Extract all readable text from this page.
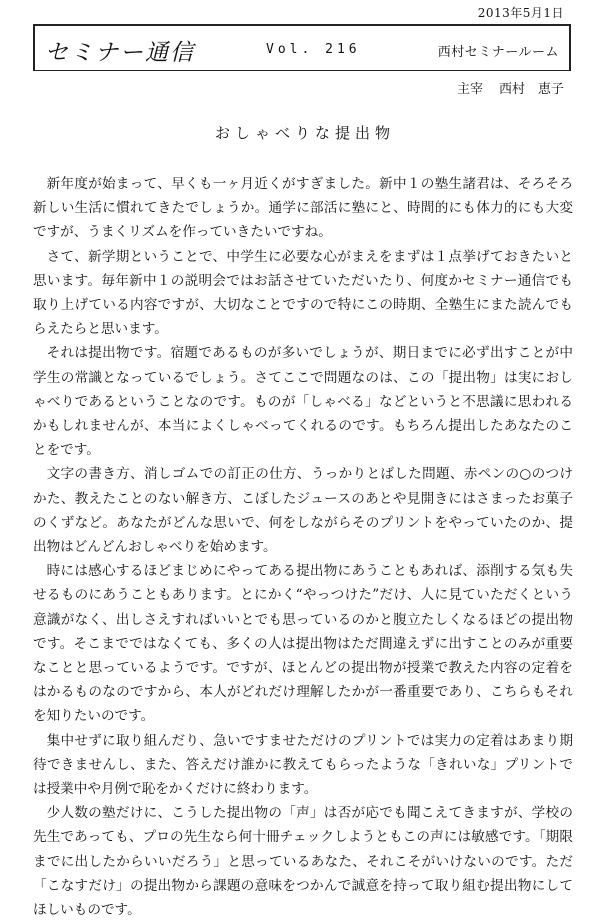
2013年5月1日
セミナー通信	Vol. 216	西村セミナールーム
主宰 西村　恵子
おしゃべりな提出物

新年度が始まって、早くも一ヶ月近くがすぎました。新中１の塾生諸君は、そろそろ新しい生活に慣れてきたでしょうか。通学に部活に塾にと、時間的にも体力的にも大変ですが、うまくリズムを作っていきたいですね。

さて、新学期ということで、中学生に必要な心がまえをまずは１点挙げておきたいと思います。毎年新中１の説明会ではお話させていただいたり、何度かセミナー通信でも取り上げている内容ですが、大切なことですので特にこの時期、全塾生にまた読んでもらえたらと思います。

それは提出物です。宿題であるものが多いでしょうが、期日までに必ず出すことが中学生の常識となっているでしょう。さてここで問題なのは、この「提出物」は実におしゃべりであるということなのです。ものが「しゃべる」などというと不思議に思われるかもしれませんが、本当によくしゃべってくれるのです。もちろん提出したあなたのことをです。

文字の書き方、消しゴムでの訂正の仕方、うっかりとばした問題、赤ペンの○のつけかた、教えたことのない解き方、こぼしたジュースのあとや見開きにはさまったお菓子のくずなど。あなたがどんな思いで、何をしながらそのプリントをやっていたのか、提出物はどんどんおしゃべりを始めます。

時には感心するほどまじめにやってある提出物にあうこともあれば、添削する気も失せるものにあうこともあります。とにかく“やっつけた”だけ、人に見ていただくという意識がなく、出しさえすればいいとでも思っているのかと腹立たしくなるほどの提出物です。そこまでではなくても、多くの人は提出物はただ間違えずに出すことのみが重要なことと思っているようです。ですが、ほとんどの提出物が授業で教えた内容の定着をはかるものなのですから、本人がどれだけ理解したかが一番重要であり、こちらもそれを知りたいのです。

集中せずに取り組んだり、急いですませただけのプリントでは実力の定着はあまり期待できませんし、また、答えだけ誰かに教えてもらったような「きれいな」プリントでは授業中や月例で恥をかくだけに終わります。

少人数の塾だけに、こうした提出物の「声」は否が応でも聞こえてきますが、学校の先生であっても、プロの先生なら何十冊チェックしようともこの声には敏感です。「期限までに出したからいいだろう」と思っているあなた、それこそがいけないのです。ただ「こなすだけ」の提出物から課題の意味をつかんで誠意を持って取り組む提出物にしてほしいものです。
